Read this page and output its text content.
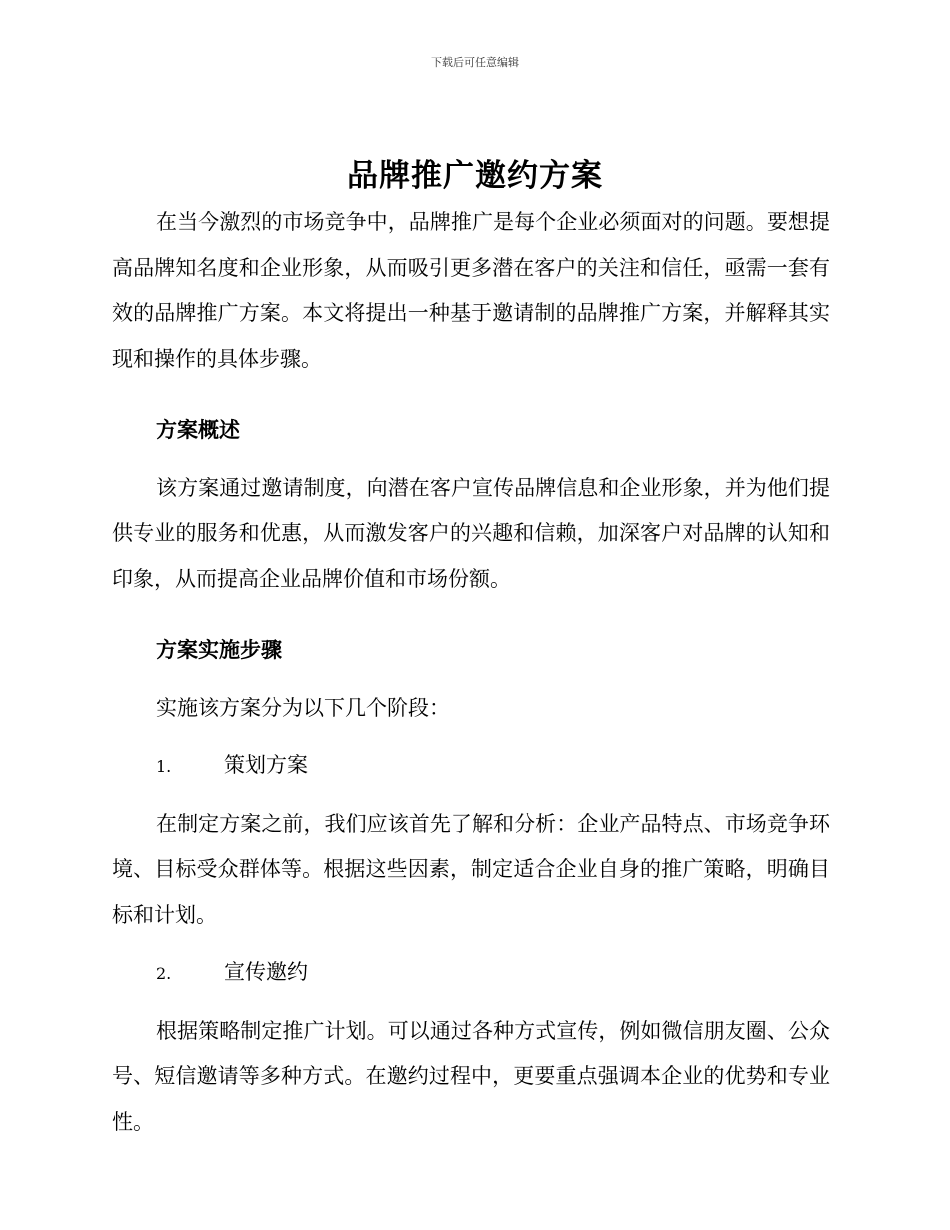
下载后可任意编辑
品牌推广邀约方案

在当今激烈的市场竞争中，品牌推广是每个企业必须面对的问题。要想提高品牌知名度和企业形象，从而吸引更多潜在客户的关注和信任，亟需一套有效的品牌推广方案。本文将提出一种基于邀请制的品牌推广方案，并解释其实现和操作的具体步骤。

方案概述

该方案通过邀请制度，向潜在客户宣传品牌信息和企业形象，并为他们提供专业的服务和优惠，从而激发客户的兴趣和信赖，加深客户对品牌的认知和印象，从而提高企业品牌价值和市场份额。

方案实施步骤

实施该方案分为以下几个阶段：

1.	策划方案

在制定方案之前，我们应该首先了解和分析：企业产品特点、市场竞争环境、目标受众群体等。根据这些因素，制定适合企业自身的推广策略，明确目标和计划。

2.	宣传邀约

根据策略制定推广计划。可以通过各种方式宣传，例如微信朋友圈、公众号、短信邀请等多种方式。在邀约过程中，更要重点强调本企业的优势和专业性。
